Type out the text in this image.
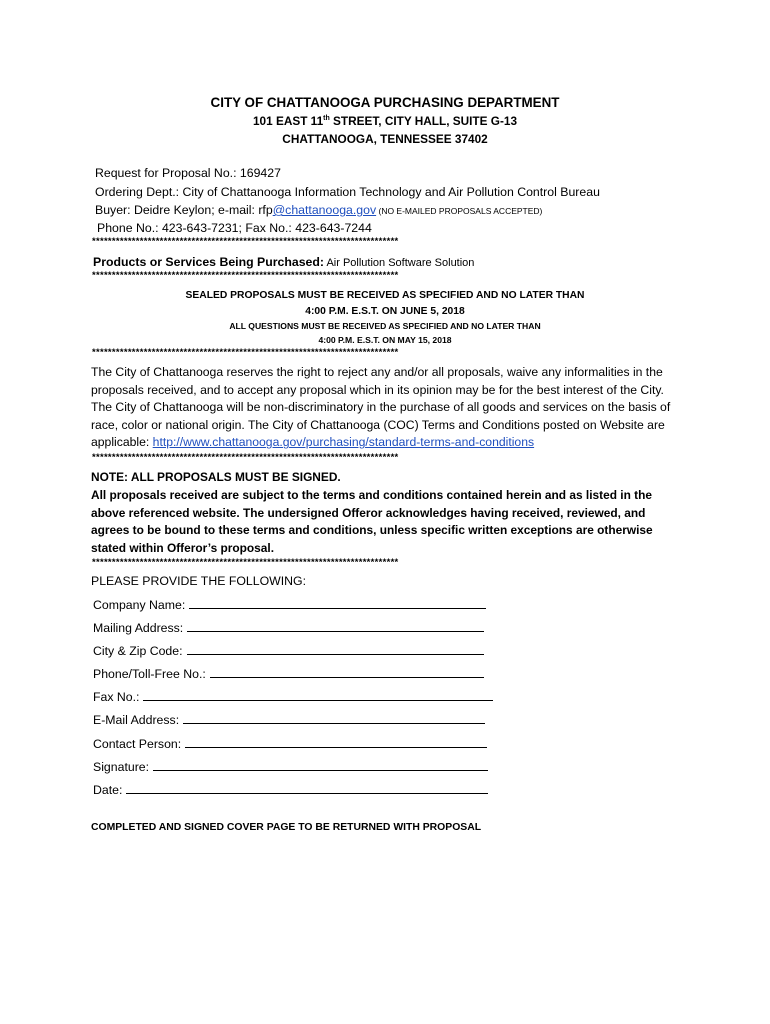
CITY OF CHATTANOOGA PURCHASING DEPARTMENT
101 EAST 11th STREET, CITY HALL, SUITE G-13
CHATTANOOGA, TENNESSEE 37402
Request for Proposal No.: 169427
Ordering Dept.: City of Chattanooga Information Technology and Air Pollution Control Bureau
Buyer: Deidre Keylon; e-mail: rfp@chattanooga.gov (NO E-MAILED PROPOSALS ACCEPTED)
Phone No.: 423-643-7231; Fax No.: 423-643-7244
*****************************************************************************
Products or Services Being Purchased: Air Pollution Software Solution
*****************************************************************************
SEALED PROPOSALS MUST BE RECEIVED AS SPECIFIED AND NO LATER THAN
4:00 P.M. E.S.T. ON JUNE 5, 2018
ALL QUESTIONS MUST BE RECEIVED AS SPECIFIED AND NO LATER THAN
4:00 P.M. E.S.T. ON MAY 15, 2018
*****************************************************************************
The City of Chattanooga reserves the right to reject any and/or all proposals, waive any informalities in the proposals received, and to accept any proposal which in its opinion may be for the best interest of the City. The City of Chattanooga will be non-discriminatory in the purchase of all goods and services on the basis of race, color or national origin. The City of Chattanooga (COC) Terms and Conditions posted on Website are applicable: http://www.chattanooga.gov/purchasing/standard-terms-and-conditions
*****************************************************************************
NOTE: ALL PROPOSALS MUST BE SIGNED.
All proposals received are subject to the terms and conditions contained herein and as listed in the above referenced website. The undersigned Offeror acknowledges having received, reviewed, and agrees to be bound to these terms and conditions, unless specific written exceptions are otherwise stated within Offeror’s proposal.
*****************************************************************************
PLEASE PROVIDE THE FOLLOWING:
Company Name:
Mailing Address:
City & Zip Code:
Phone/Toll-Free No.:
Fax No.:
E-Mail Address:
Contact Person:
Signature:
Date:
COMPLETED AND SIGNED COVER PAGE TO BE RETURNED WITH PROPOSAL
